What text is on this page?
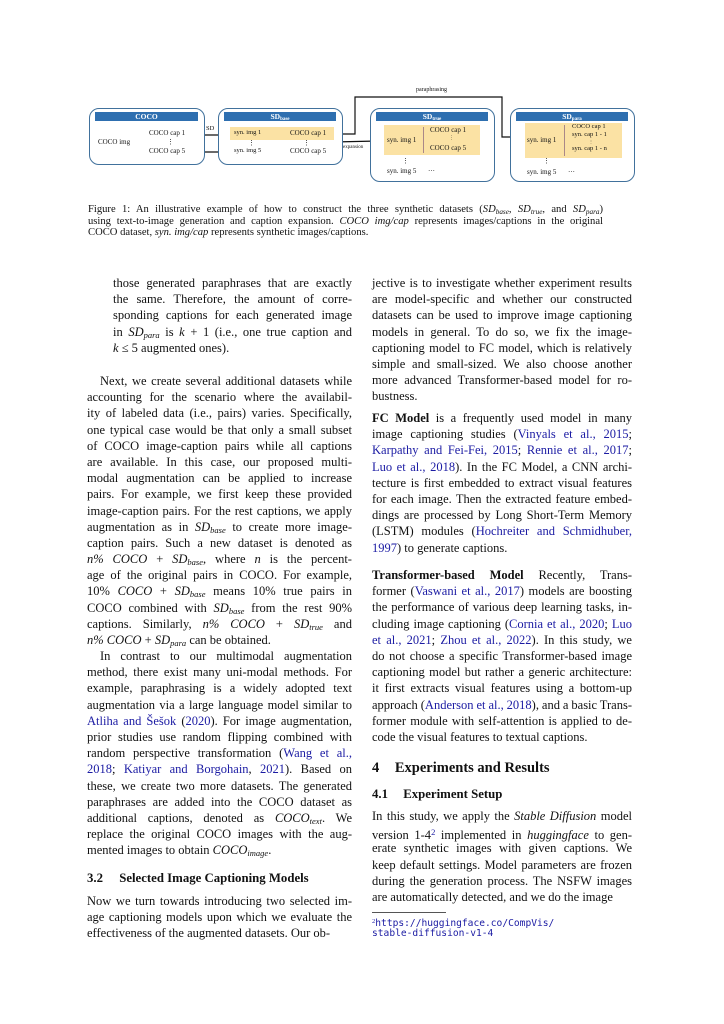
paraphrasing
expansion
SD
COCO
COCO img
COCO cap 1
⋮
COCO cap 5
$SD_{base}$
syn. img 1	COCO cap 1
⋮	⋮
syn. img 5	COCO cap 5
$SD_{true}$
syn. img 1
COCO cap 1
⋮
COCO cap 5
⋮
syn. img 5 ···
$SD_{para}$
syn. img 1
COCO cap 1
syn. cap 1 - 1
⋮
syn. cap 1 - n
⋮
syn. img 5 ···
Figure 1: An illustrative example of how to construct the three synthetic datasets (SDbase, SDtrue, and SDpara)
using text-to-image generation and caption expansion. COCO img/cap represents images/captions in the original
COCO dataset, syn. img/cap represents synthetic images/captions.
those generated paraphrases that are exactly
the same. Therefore, the amount of corre-
sponding captions for each generated image
in SDpara is k + 1 (i.e., one true caption and
k ≤ 5 augmented ones).
Next, we create several additional datasets while
accounting for the scenario where the availabil-
ity of labeled data (i.e., pairs) varies. Specifically,
one typical case would be that only a small subset
of COCO image-caption pairs while all captions
are available. In this case, our proposed multi-
modal augmentation can be applied to increase
pairs. For example, we first keep these provided
image-caption pairs. For the rest captions, we apply
augmentation as in SDbase to create more image-
caption pairs. Such a new dataset is denoted as
n% COCO + SDbase, where n is the percent-
age of the original pairs in COCO. For example,
10% COCO + SDbase means 10% true pairs in
COCO combined with SDbase from the rest 90%
captions. Similarly, n% COCO + SDtrue and
n% COCO + SDpara can be obtained.
In contrast to our multimodal augmentation
method, there exist many uni-modal methods. For
example, paraphrasing is a widely adopted text
augmentation via a large language model similar to
Atliha and Šešok (2020). For image augmentation,
prior studies use random flipping combined with
random perspective transformation (Wang et al.,
2018; Katiyar and Borgohain, 2021). Based on
these, we create two more datasets. The generated
paraphrases are added into the COCO dataset as
additional captions, denoted as COCOtext. We
replace the original COCO images with the aug-
mented images to obtain COCOimage.
3.2 Selected Image Captioning Models
Now we turn towards introducing two selected im-
age captioning models upon which we evaluate the
effectiveness of the augmented datasets. Our ob-
jective is to investigate whether experiment results
are model-specific and whether our constructed
datasets can be used to improve image captioning
models in general. To do so, we fix the image-
captioning model to FC model, which is relatively
simple and small-sized. We also choose another
more advanced Transformer-based model for ro-
bustness.
FC Model is a frequently used model in many
image captioning studies (Vinyals et al., 2015;
Karpathy and Fei-Fei, 2015; Rennie et al., 2017;
Luo et al., 2018). In the FC Model, a CNN archi-
tecture is first embedded to extract visual features
for each image. Then the extracted feature embed-
dings are processed by Long Short-Term Memory
(LSTM) modules (Hochreiter and Schmidhuber,
1997) to generate captions.
Transformer-based Model Recently, Trans-
former (Vaswani et al., 2017) models are boosting
the performance of various deep learning tasks, in-
cluding image captioning (Cornia et al., 2020; Luo
et al., 2021; Zhou et al., 2022). In this study, we
do not choose a specific Transformer-based image
captioning model but rather a generic architecture:
it first extracts visual features using a bottom-up
approach (Anderson et al., 2018), and a basic Trans-
former module with self-attention is applied to de-
code the visual features to textual captions.
4 Experiments and Results
4.1 Experiment Setup
In this study, we apply the Stable Diffusion model
version $1-4^2$ implemented in huggingface to gen-
erate synthetic images with given captions. We
keep default settings. Model parameters are frozen
during the generation process. The NSFW images
are automatically detected, and we do the image
$^2$https://huggingface.co/CompVis/
stable-diffusion-v1-4
